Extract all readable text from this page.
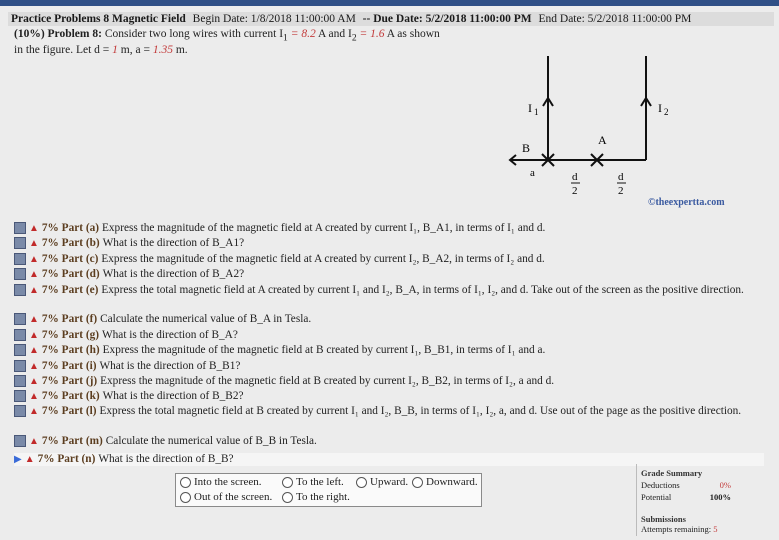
Practice Problems 8 Magnetic Field Begin Date: 1/8/2018 11:00:00 AM -- Due Date: 5/2/2018 11:00:00 PM End Date: 5/2/2018 11:00:00 PM
(10%) Problem 8: Consider two long wires with current $I_1 = 8.2$ A and $I_2 = 1.6$ A as shown
in the figure. Let d = 1 m, a = 1.35 m.
B
I 1	I 2
A
a	d
2
d
2
©theexpertta.com
▲ 7% Part (a) Express the magnitude of the magnetic field at A created by current I₁, B_A1, in terms of I₁ and d.
▲ 7% Part (b) What is the direction of B_A1?
▲ 7% Part (c) Express the magnitude of the magnetic field at A created by current I₂, B_A2, in terms of I₂ and d.
▲ 7% Part (d) What is the direction of B_A2?
▲ 7% Part (e) Express the total magnetic field at A created by current I₁ and I₂, B_A, in terms of I₁, I₂, and d. Take out of the screen as the positive direction.
▲ 7% Part (f) Calculate the numerical value of B_A in Tesla.
▲ 7% Part (g) What is the direction of B_A?
▲ 7% Part (h) Express the magnitude of the magnetic field at B created by current I₁, B_B1, in terms of I₁ and a.
▲ 7% Part (i) What is the direction of B_B1?
▲ 7% Part (j) Express the magnitude of the magnetic field at B created by current I₂, B_B2, in terms of I₂, a and d.
▲ 7% Part (k) What is the direction of B_B2?
▲ 7% Part (l) Express the total magnetic field at B created by current I₁ and I₂, B_B, in terms of I₁, I₂, a, and d. Use out of the page as the positive direction.
▲ 7% Part (m) Calculate the numerical value of B_B in Tesla.
▶ ▲ 7% Part (n) What is the direction of B_B?
Into the screen.	To the left. Upward. Downward.
Out of the screen. To the right.
Grade Summary
Deductions	0%
Potential	100%
Submissions
Attempts remaining: 5
